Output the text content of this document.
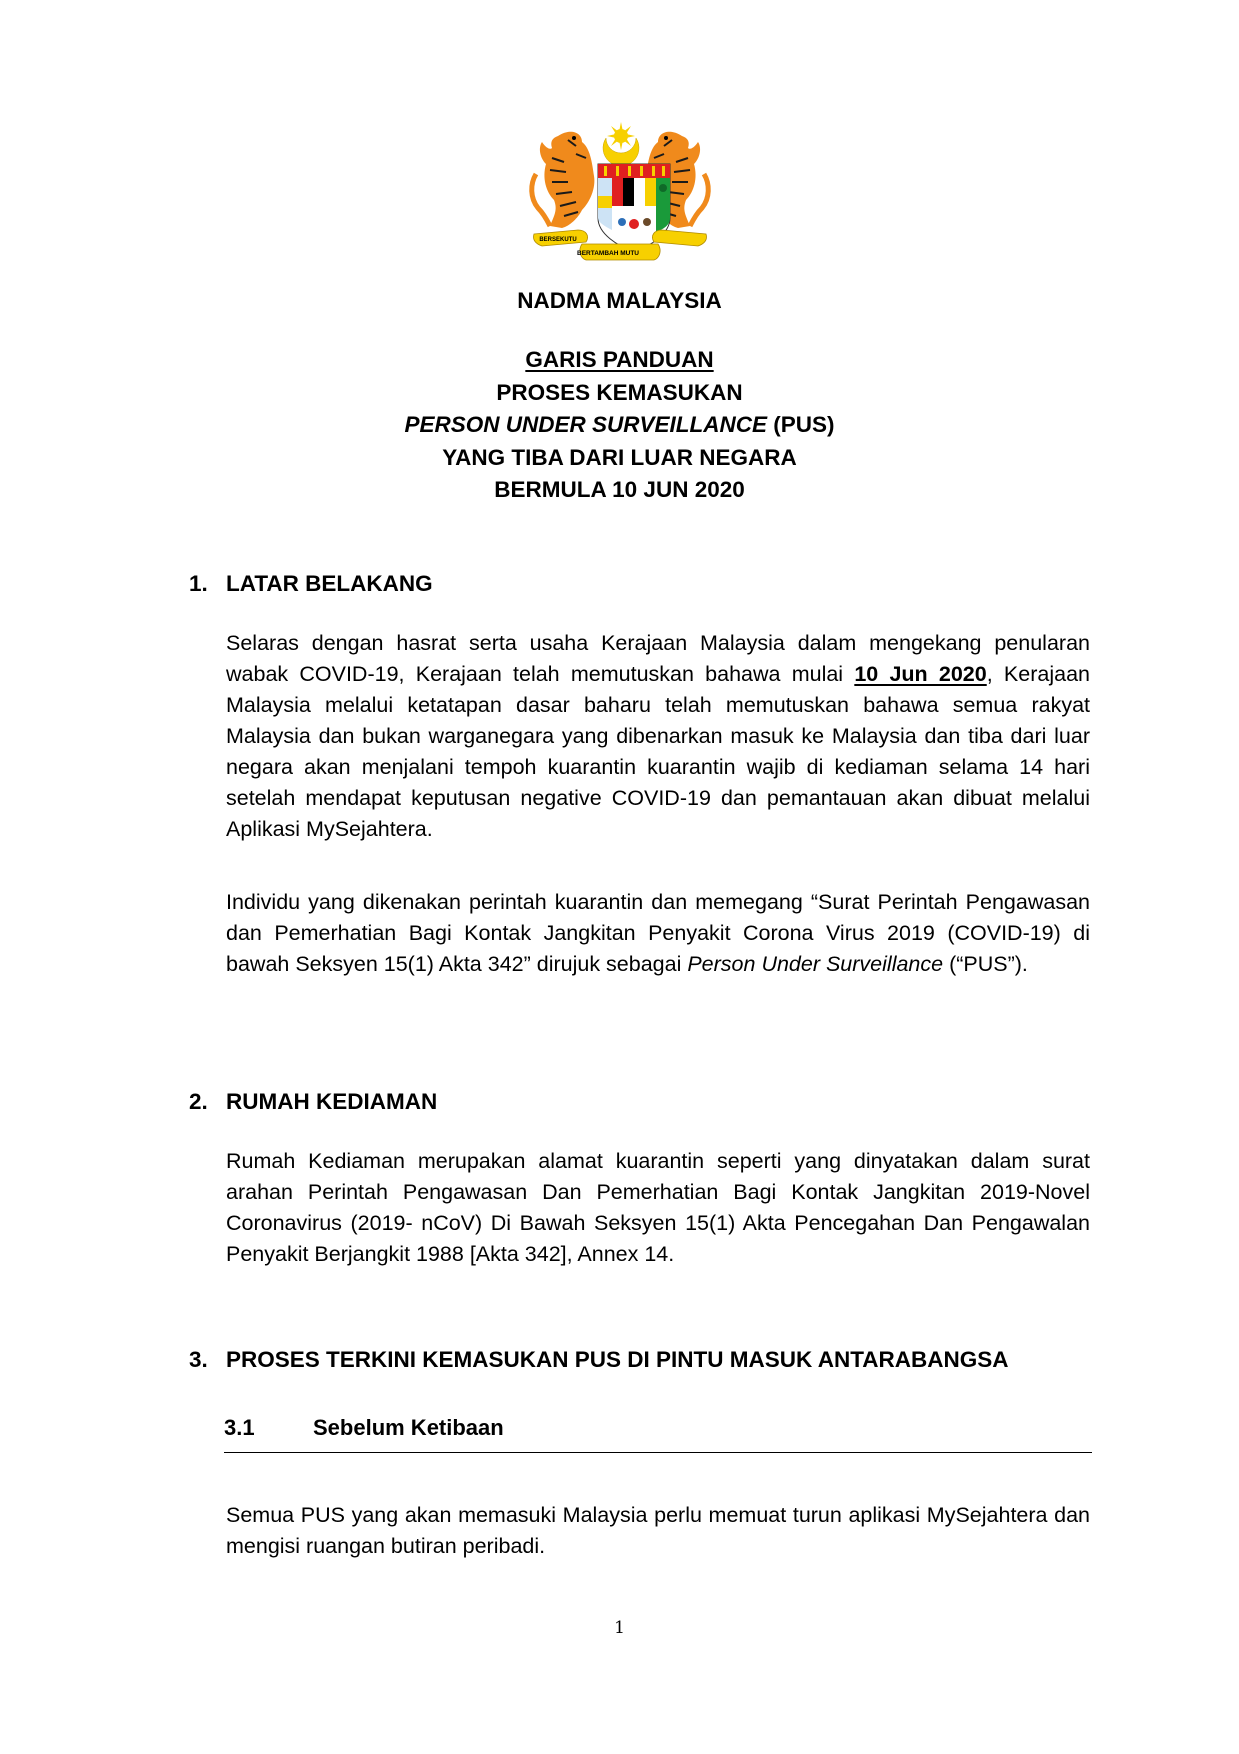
BERSEKUTU
BERTAMBAH MUTU
NADMA MALAYSIA
GARIS PANDUAN
PROSES KEMASUKAN
PERSON UNDER SURVEILLANCE (PUS)
YANG TIBA DARI LUAR NEGARA
BERMULA 10 JUN 2020
1. LATAR BELAKANG
Selaras dengan hasrat serta usaha Kerajaan Malaysia dalam mengekang penularan wabak COVID-19, Kerajaan telah memutuskan bahawa mulai 10 Jun 2020, Kerajaan Malaysia melalui ketatapan dasar baharu telah memutuskan bahawa semua rakyat Malaysia dan bukan warganegara yang dibenarkan masuk ke Malaysia dan tiba dari luar negara akan menjalani tempoh kuarantin kuarantin wajib di kediaman selama 14 hari setelah mendapat keputusan negative COVID-19 dan pemantauan akan dibuat melalui Aplikasi MySejahtera.
Individu yang dikenakan perintah kuarantin dan memegang “Surat Perintah Pengawasan dan Pemerhatian Bagi Kontak Jangkitan Penyakit Corona Virus 2019 (COVID-19) di bawah Seksyen 15(1) Akta 342” dirujuk sebagai Person Under Surveillance (“PUS”).
2. RUMAH KEDIAMAN
Rumah Kediaman merupakan alamat kuarantin seperti yang dinyatakan dalam surat arahan Perintah Pengawasan Dan Pemerhatian Bagi Kontak Jangkitan 2019-Novel Coronavirus (2019- nCoV) Di Bawah Seksyen 15(1) Akta Pencegahan Dan Pengawalan Penyakit Berjangkit 1988 [Akta 342], Annex 14.
3. PROSES TERKINI KEMASUKAN PUS DI PINTU MASUK ANTARABANGSA
3.1	Sebelum Ketibaan
Semua PUS yang akan memasuki Malaysia perlu memuat turun aplikasi MySejahtera dan mengisi ruangan butiran peribadi.
1
